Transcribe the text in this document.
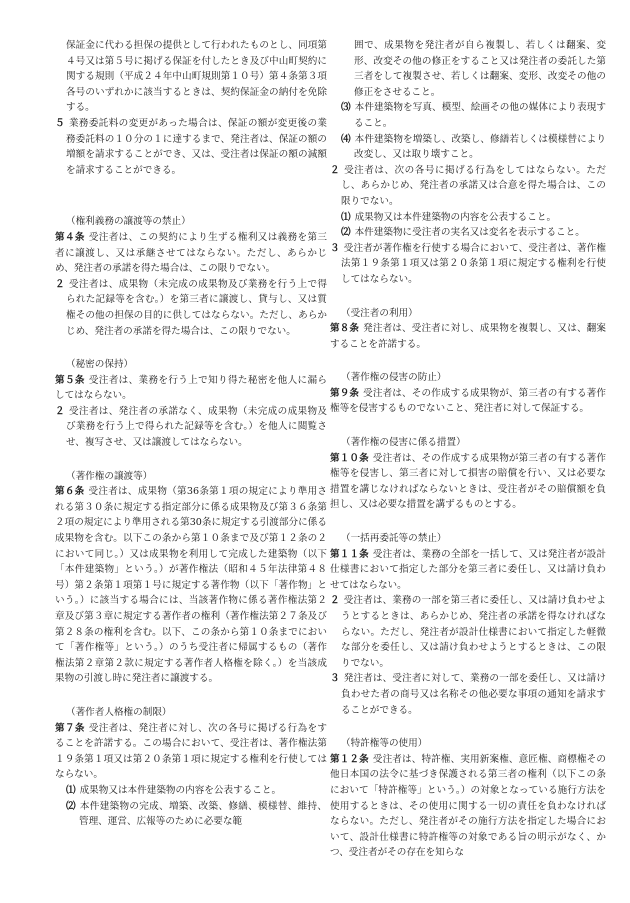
保証金に代わる担保の提供として行われたものとし、同項第４号又は第５号に掲げる保証を付したとき及び中山町契約に関する規則（平成２４年中山町規則第１０号）第４条第３項各号のいずれかに該当するときは、契約保証金の納付を免除する。

５ 業務委託料の変更があった場合は、保証の額が変更後の業務委託料の１０分の１に達するまで、発注者は、保証の額の増額を請求することができ、又は、受注者は保証の額の減額を請求することができる。

（権利義務の譲渡等の禁止）

第４条 受注者は、この契約により生ずる権利又は義務を第三者に譲渡し、又は承継させてはならない。ただし、あらかじめ、発注者の承諾を得た場合は、この限りでない。

２ 受注者は、成果物（未完成の成果物及び業務を行う上で得られた記録等を含む。）を第三者に譲渡し、貸与し、又は質権その他の担保の目的に供してはならない。ただし、あらかじめ、発注者の承諾を得た場合は、この限りでない。

（秘密の保持）

第５条 受注者は、業務を行う上で知り得た秘密を他人に漏らしてはならない。

２ 受注者は、発注者の承諾なく、成果物（未完成の成果物及び業務を行う上で得られた記録等を含む。）を他人に閲覧させ、複写させ、又は譲渡してはならない。

（著作権の譲渡等）

第６条 受注者は、成果物（第36条第１項の規定により準用される第３０条に規定する指定部分に係る成果物及び第３６条第２項の規定により準用される第30条に規定する引渡部分に係る成果物を含む。以下この条から第１０条まで及び第１２条の２において同じ。）又は成果物を利用して完成した建築物（以下「本件建築物」という。）が著作権法（昭和４５年法律第４８号）第２条第１項第１号に規定する著作物（以下「著作物」という。）に該当する場合には、当該著作物に係る著作権法第２章及び第３章に規定する著作者の権利（著作権法第２７条及び第２８条の権利を含む。以下、この条から第１０条までにおいて「著作権等」という。）のうち受注者に帰属するもの（著作権法第２章第２款に規定する著作者人格権を除く。）を当該成果物の引渡し時に発注者に譲渡する。

（著作者人格権の制限）

第７条 受注者は、発注者に対し、次の各号に掲げる行為をすることを許諾する。この場合において、受注者は、著作権法第１９条第１項又は第２０条第１項に規定する権利を行使してはならない。

⑴ 成果物又は本件建築物の内容を公表すること。

⑵ 本件建築物の完成、増築、改築、修繕、模様替、維持、管理、運営、広報等のために必要な範

囲で、成果物を発注者が自ら複製し、若しくは翻案、変形、改変その他の修正をすること又は発注者の委託した第三者をして複製させ、若しくは翻案、変形、改変その他の修正をさせること。

⑶ 本件建築物を写真、模型、絵画その他の媒体により表現すること。

⑷ 本件建築物を増築し、改築し、修繕若しくは模様替により改変し、又は取り壊すこと。

２ 受注者は、次の各号に掲げる行為をしてはならない。ただし、あらかじめ、発注者の承諾又は合意を得た場合は、この限りでない。

⑴ 成果物又は本件建築物の内容を公表すること。

⑵ 本件建築物に受注者の実名又は変名を表示すること。

３ 受注者が著作権を行使する場合において、受注者は、著作権法第１９条第１項又は第２０条第１項に規定する権利を行使してはならない。

（受注者の利用）

第８条 発注者は、受注者に対し、成果物を複製し、又は、翻案することを許諾する。

（著作権の侵害の防止）

第９条 受注者は、その作成する成果物が、第三者の有する著作権等を侵害するものでないこと、発注者に対して保証する。

（著作権の侵害に係る措置）

第１０条 受注者は、その作成する成果物が第三者の有する著作権等を侵害し、第三者に対して損害の賠償を行い、又は必要な措置を講じなければならないときは、受注者がその賠償額を負担し、又は必要な措置を講ずるものとする。

（一括再委託等の禁止）

第１１条 受注者は、業務の全部を一括して、又は発注者が設計仕様書において指定した部分を第三者に委任し、又は請け負わせてはならない。

２ 受注者は、業務の一部を第三者に委任し、又は請け負わせようとするときは、あらかじめ、発注者の承諾を得なければならない。ただし、発注者が設計仕様書において指定した軽微な部分を委任し、又は請け負わせようとするときは、この限りでない。

３ 発注者は、受注者に対して、業務の一部を委任し、又は請け負わせた者の商号又は名称その他必要な事項の通知を請求することができる。

（特許権等の使用）

第１２条 受注者は、特許権、実用新案権、意匠権、商標権その他日本国の法令に基づき保護される第三者の権利（以下この条において「特許権等」という。）の対象となっている施行方法を使用するときは、その使用に関する一切の責任を負わなければならない。ただし、発注者がその施行方法を指定した場合において、設計仕様書に特許権等の対象である旨の明示がなく、かつ、受注者がその存在を知らな
